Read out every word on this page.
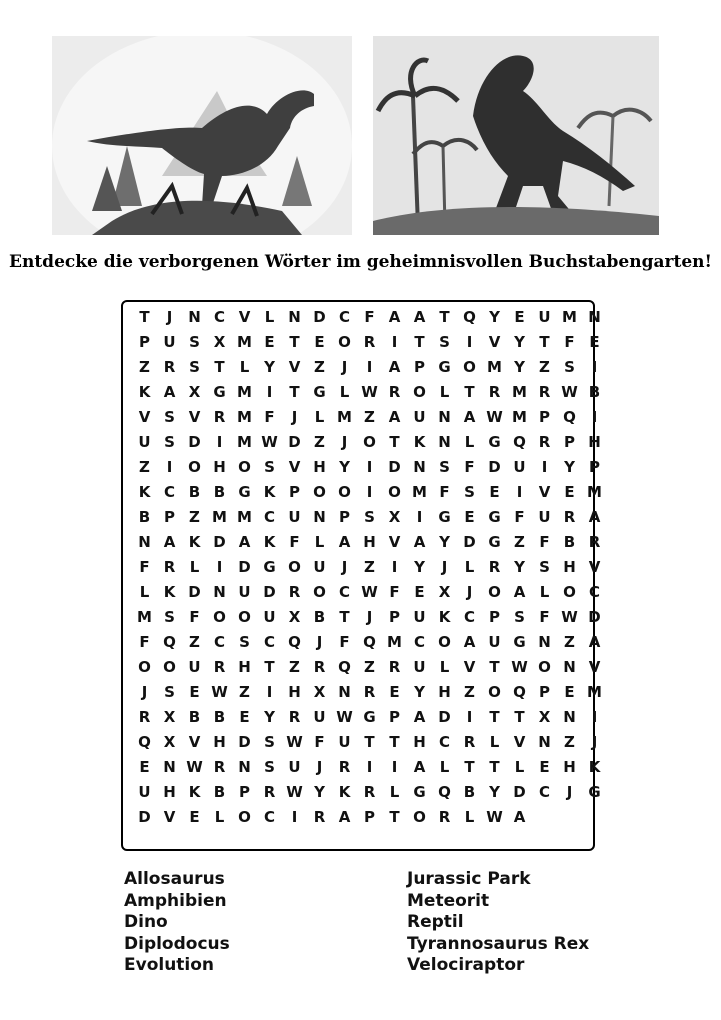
Entdecke die verborgenen Wörter im geheimnisvollen Buchstabengarten!
T	J	N C V L N D C F A A T Q Y E U M N
P U S X M E T E O R	I	T S	I	V Y T F E
Z R S T	L Y V Z	J	I	A P G O M Y Z S	I
K A X G M I	T G L W R O L	T R M R W B
V S V R M F	J	L M Z A U N A W M P Q	I
U S D	I M W D Z	J	O T K N L G Q R P H
Z	I	O H O S V H Y	I	D N S F D U	I	Y P
K C B B G K P O O	I	O M F S E	I	V E M
B P Z M M C U N P S X	I	G E G F U R A
N A K D A K F	L A H V A Y D G Z F B R
F R L	I	D G O U	J	Z	I	Y	J	L R Y S H V
L K D N U D R O C W F E X	J	O A L O C
M S F O O U X B T	J	P U K C P S F W D
F Q Z C S C Q	J	F Q M C O A U G N Z A
O O U R H T Z R Q Z R U L V T W O N V
J	S E W Z	I	H X N R E Y H Z O Q P E M
R X B B E Y R U W G P A D	I	T T X N	I
Q X V H D S W F U T T H C R L V N Z	J
E N W R N S U	J	R	I	I	A L	T T	L	E H K
U H K B P R W Y K R L G Q B Y D C	J	G
D V E	L O C	I	R A P T O R L W A
Allosaurus
Amphibien
Dino
Diplodocus
Evolution
Jurassic Park
Meteorit
Reptil
Tyrannosaurus Rex
Velociraptor
